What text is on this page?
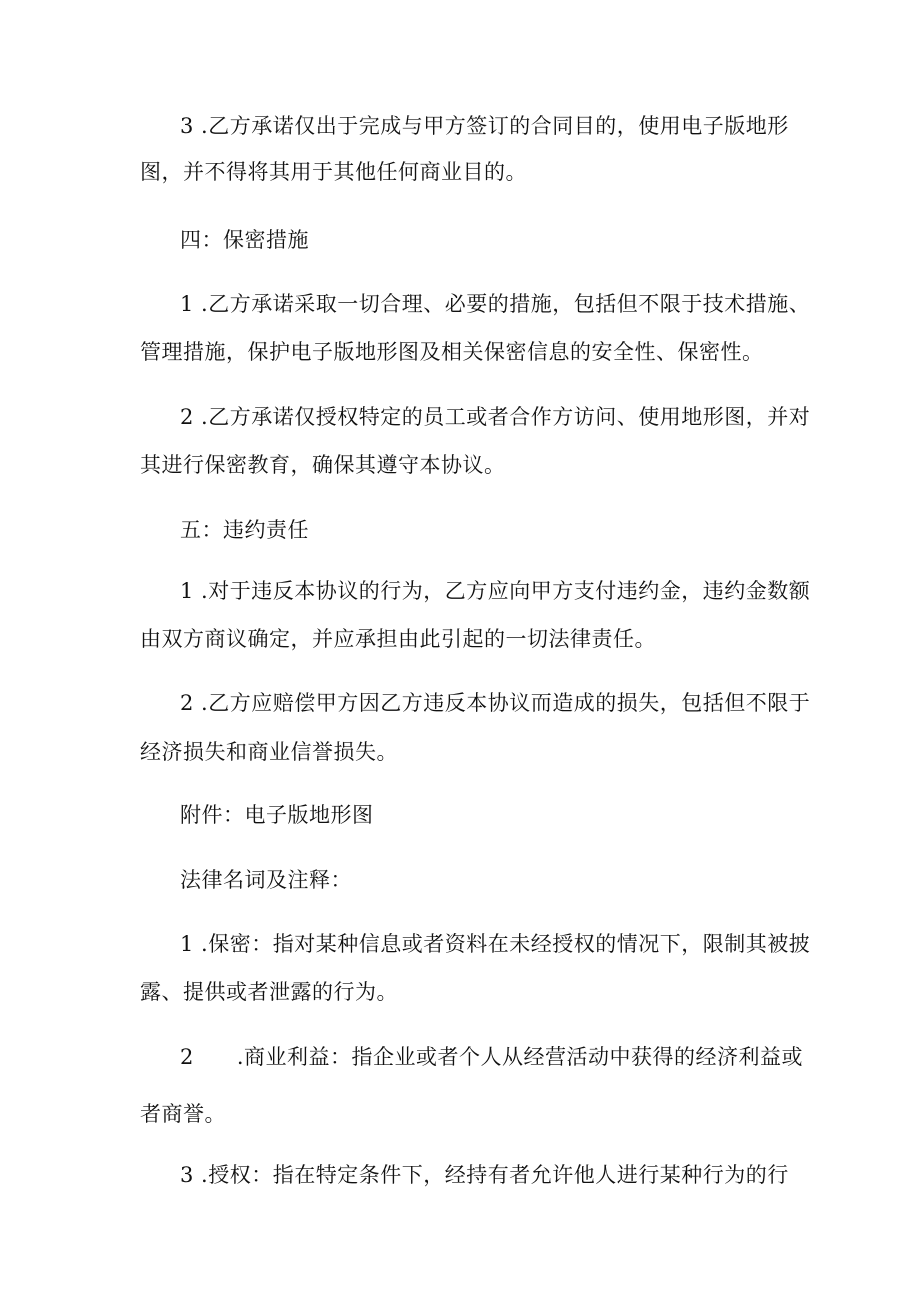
3 .乙方承诺仅出于完成与甲方签订的合同目的，使用电子版地形
图，并不得将其用于其他任何商业目的。
四：保密措施
1 .乙方承诺采取一切合理、必要的措施，包括但不限于技术措施、
管理措施，保护电子版地形图及相关保密信息的安全性、保密性。
2 .乙方承诺仅授权特定的员工或者合作方访问、使用地形图，并对
其进行保密教育，确保其遵守本协议。
五：违约责任
1 .对于违反本协议的行为，乙方应向甲方支付违约金，违约金数额
由双方商议确定，并应承担由此引起的一切法律责任。
2 .乙方应赔偿甲方因乙方违反本协议而造成的损失，包括但不限于
经济损失和商业信誉损失。
附件：电子版地形图
法律名词及注释：
1 .保密：指对某种信息或者资料在未经授权的情况下，限制其被披
露、提供或者泄露的行为。
2　　.商业利益：指企业或者个人从经营活动中获得的经济利益或
者商誉。
3 .授权：指在特定条件下，经持有者允许他人进行某种行为的行
